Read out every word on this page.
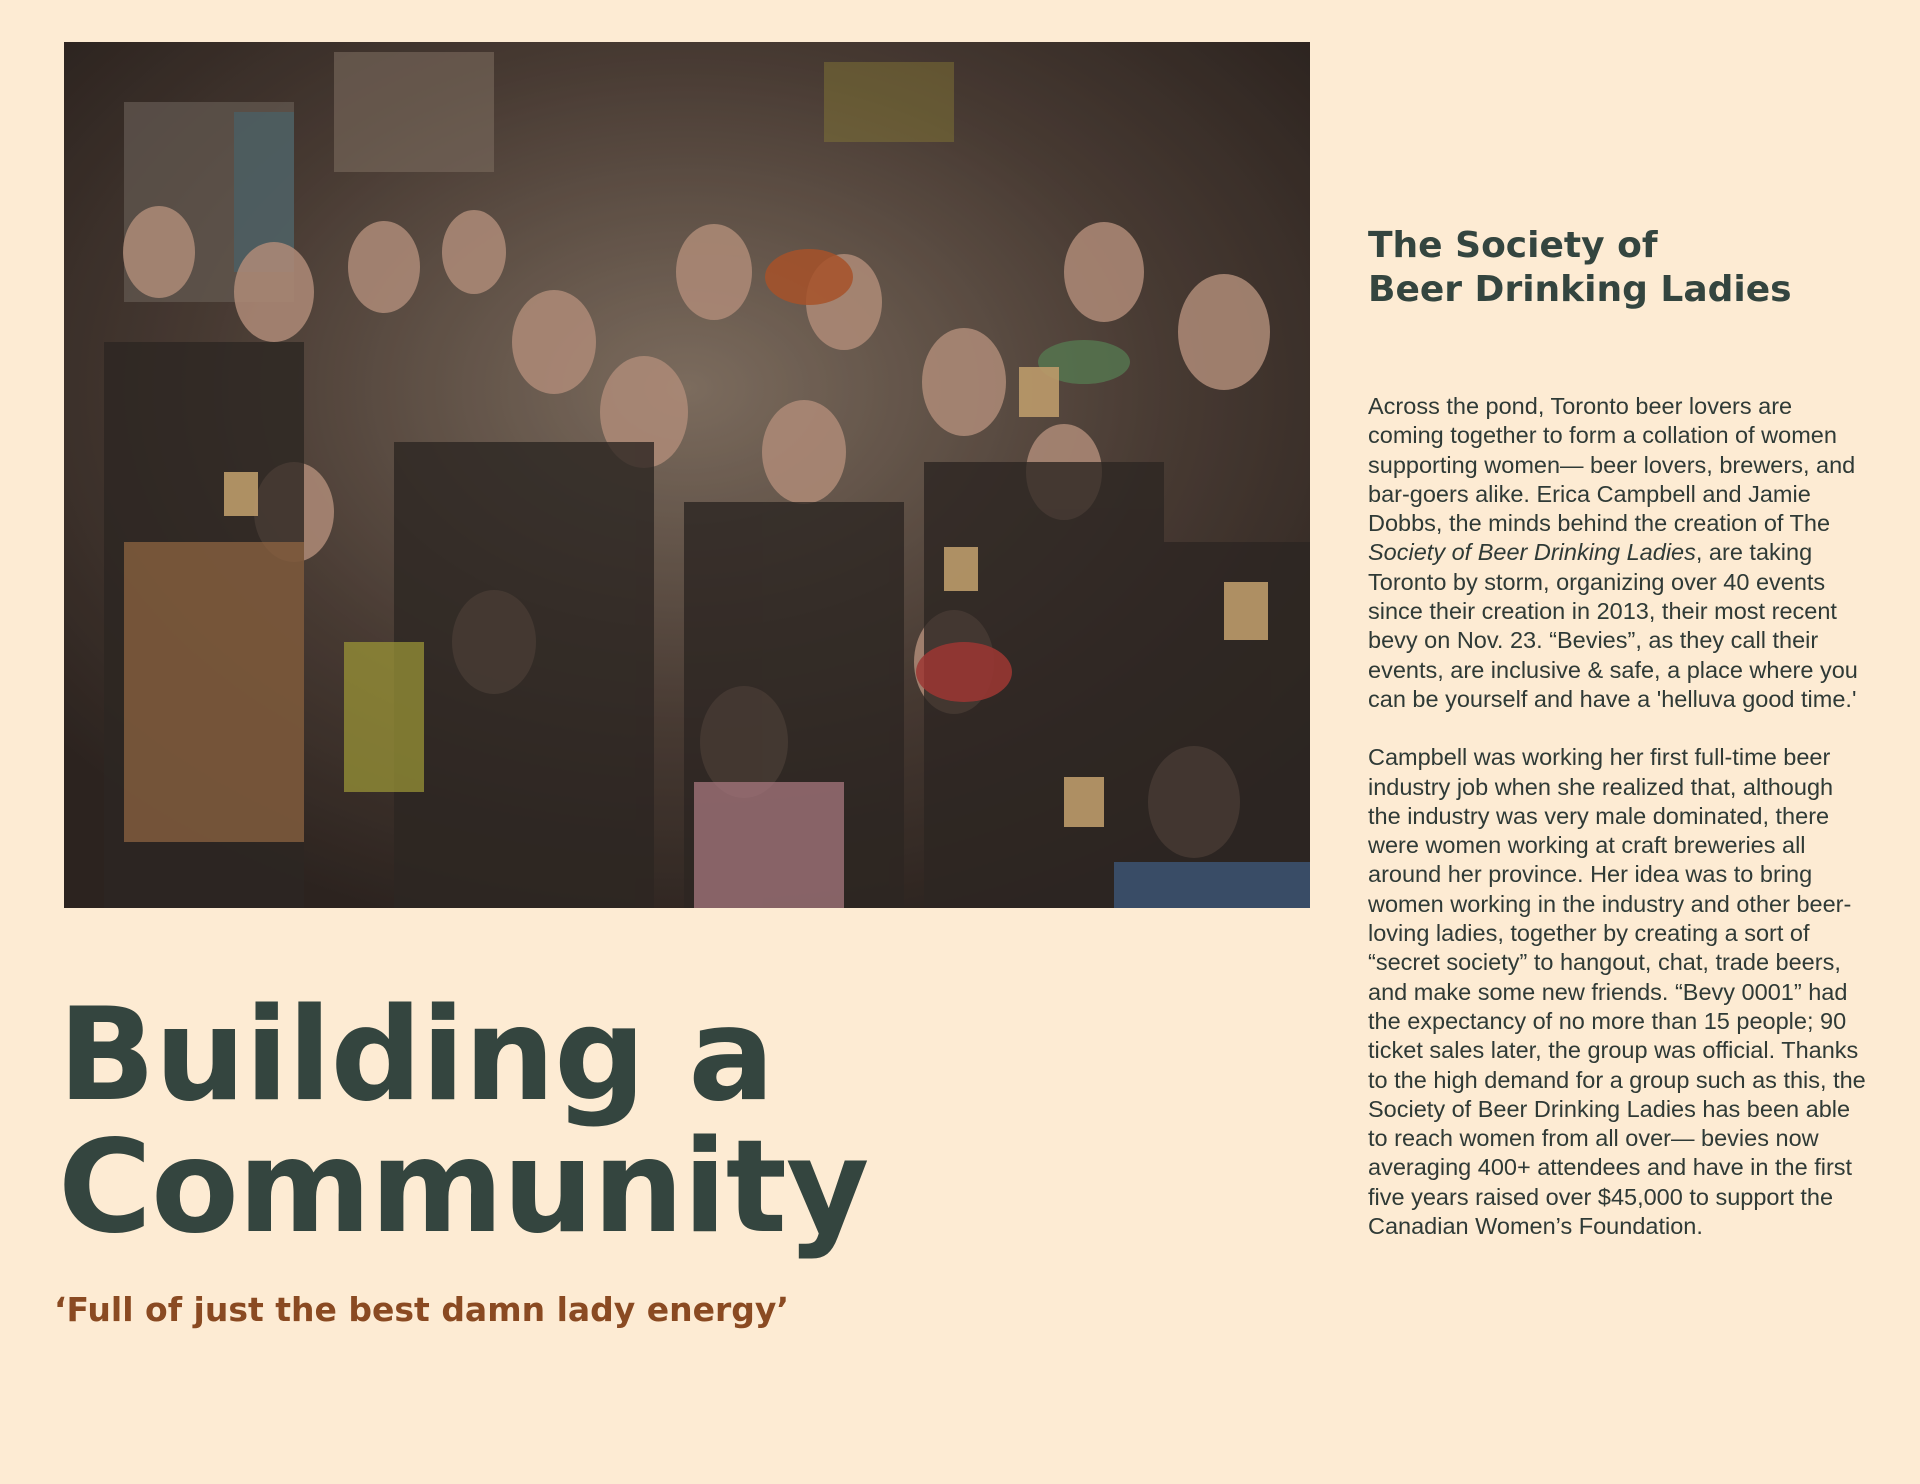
Building a
Community
‘Full of just the best damn lady energy’
The Society of
Beer Drinking Ladies

Across the pond, Toronto beer lovers are coming together to form a collation of women supporting women— beer lovers, brewers, and bar-goers alike. Erica Campbell and Jamie Dobbs, the minds behind the creation of The Society of Beer Drinking Ladies, are taking Toronto by storm, organizing over 40 events since their creation in 2013, their most recent bevy on Nov. 23. “Bevies”, as they call their events, are inclusive & safe, a place where you can be yourself and have a 'helluva good time.'

Campbell was working her first full-time beer industry job when she realized that, although the industry was very male dominated, there were women working at craft breweries all around her province. Her idea was to bring women working in the industry and other beer-loving ladies, together by creating a sort of “secret society” to hangout, chat, trade beers, and make some new friends. “Bevy 0001” had the expectancy of no more than 15 people; 90 ticket sales later, the group was official. Thanks to the high demand for a group such as this, the Society of Beer Drinking Ladies has been able to reach women from all over— bevies now averaging 400+ attendees and have in the first five years raised over $45,000 to support the Canadian Women’s Foundation.
